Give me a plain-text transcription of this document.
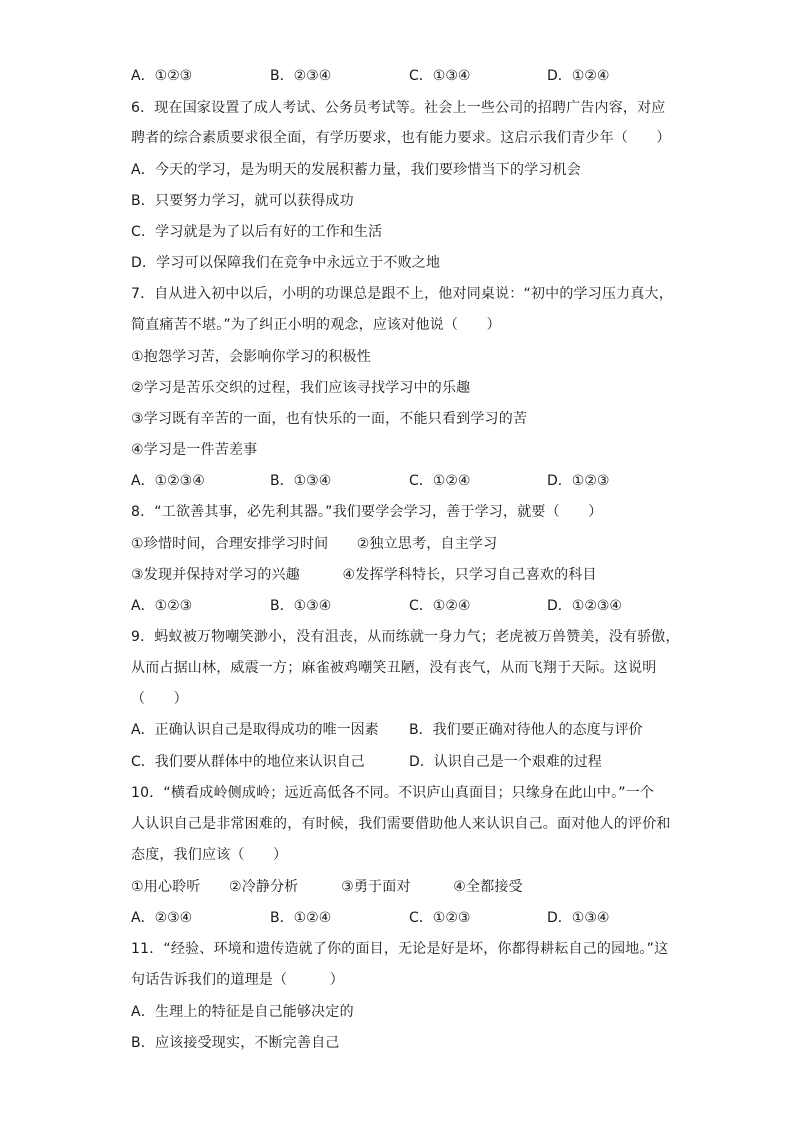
A．①②③	B．②③④	C．①③④	D．①②④
6．现在国家设置了成人考试、公务员考试等。社会上一些公司的招聘广告内容，对应
聘者的综合素质要求很全面，有学历要求，也有能力要求。这启示我们青少年（　　）
A．今天的学习，是为明天的发展积蓄力量，我们要珍惜当下的学习机会
B．只要努力学习，就可以获得成功
C．学习就是为了以后有好的工作和生活
D．学习可以保障我们在竞争中永远立于不败之地
7．自从进入初中以后，小明的功课总是跟不上，他对同桌说：“初中的学习压力真大，
简直痛苦不堪。”为了纠正小明的观念，应该对他说（　　）
①抱怨学习苦，会影响你学习的积极性
②学习是苦乐交织的过程，我们应该寻找学习中的乐趣
③学习既有辛苦的一面，也有快乐的一面，不能只看到学习的苦
④学习是一件苦差事
A．①②③④	B．①③④	C．①②④	D．①②③
8．“工欲善其事，必先利其器。”我们要学会学习，善于学习，就要（　　）
①珍惜时间，合理安排学习时间　　②独立思考，自主学习
③发现并保持对学习的兴趣　　　④发挥学科特长，只学习自己喜欢的科目
A．①②③	B．①③④	C．①②④	D．①②③④
9．蚂蚁被万物嘲笑渺小，没有沮丧，从而练就一身力气；老虎被万兽赞美，没有骄傲，
从而占据山林，威震一方；麻雀被鸡嘲笑丑陋，没有丧气，从而飞翔于天际。这说明
（　　）
A．正确认识自己是取得成功的唯一因素 B．我们要正确对待他人的态度与评价
C．我们要从群体中的地位来认识自己	D．认识自己是一个艰难的过程
10．“横看成岭侧成岭；远近高低各不同。不识庐山真面目；只缘身在此山中。”一个
人认识自己是非常困难的，有时候，我们需要借助他人来认识自己。面对他人的评价和
态度，我们应该（　　）
①用心聆听　　②冷静分析　　　③勇于面对　　　④全都接受
A．②③④	B．①②④	C．①②③	D．①③④
11．“经验、环境和遗传造就了你的面目，无论是好是坏，你都得耕耘自己的园地。”这
句话告诉我们的道理是（　　　）
A．生理上的特征是自己能够决定的
B．应该接受现实，不断完善自己
